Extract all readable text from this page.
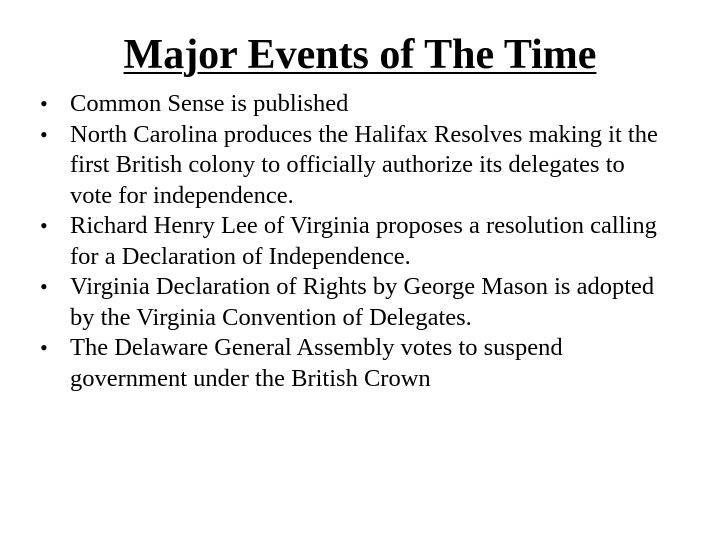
Major Events of The Time
• Common Sense is published
• North Carolina produces the Halifax Resolves making it the first British colony to officially authorize its delegates to vote for independence.
• Richard Henry Lee of Virginia proposes a resolution calling for a Declaration of Independence.
• Virginia Declaration of Rights by George Mason is adopted by the Virginia Convention of Delegates.
• The Delaware General Assembly votes to suspend government under the British Crown
